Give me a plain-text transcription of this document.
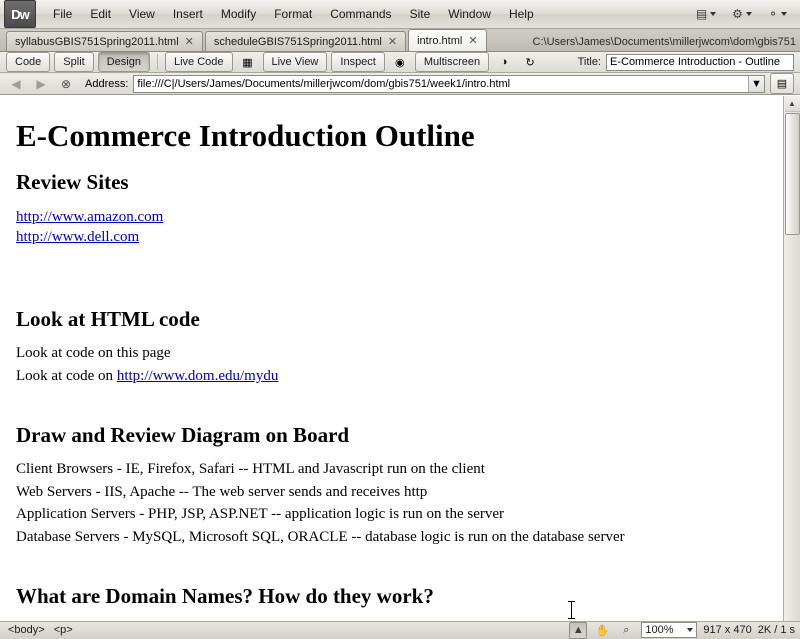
Dw	File	Edit	View	Insert	Modify	Format	Commands	Site	Window	Help	▤ ⚙ ⚬
syllabusGBIS751Spring2011.html ✕ scheduleGBIS751Spring2011.html ✕ intro.html ✕	C:\Users\James\Documents\millerjwcom\dom\gbis751
Code	Split	Design	Live Code	▦	Live View	Inspect	◉	Multiscreen	◑	↻	Title:
E-Commerce Introduction - Outline
◀	▶	⊗	Address:
file:///C|/Users/James/Documents/millerjwcom/dom/gbis751/week1/intro.html	▼	▤
E-Commerce Introduction Outline
Review Sites
http://www.amazon.com
http://www.dell.com
Look at HTML code

Look at code on this page

Look at code on http://www.dom.edu/mydu

Draw and Review Diagram on Board

Client Browsers - IE, Firefox, Safari -- HTML and Javascript run on the client

Web Servers - IIS, Apache -- The web server sends and receives http

Application Servers - PHP, JSP, ASP.NET -- application logic is run on the server

Database Servers - MySQL, Microsoft SQL, ORACLE -- database logic is run on the database server

What are Domain Names? How do they work?
▲
<body> <p>	▲	✋	⌕	100%	917 x 470 2K / 1 s
